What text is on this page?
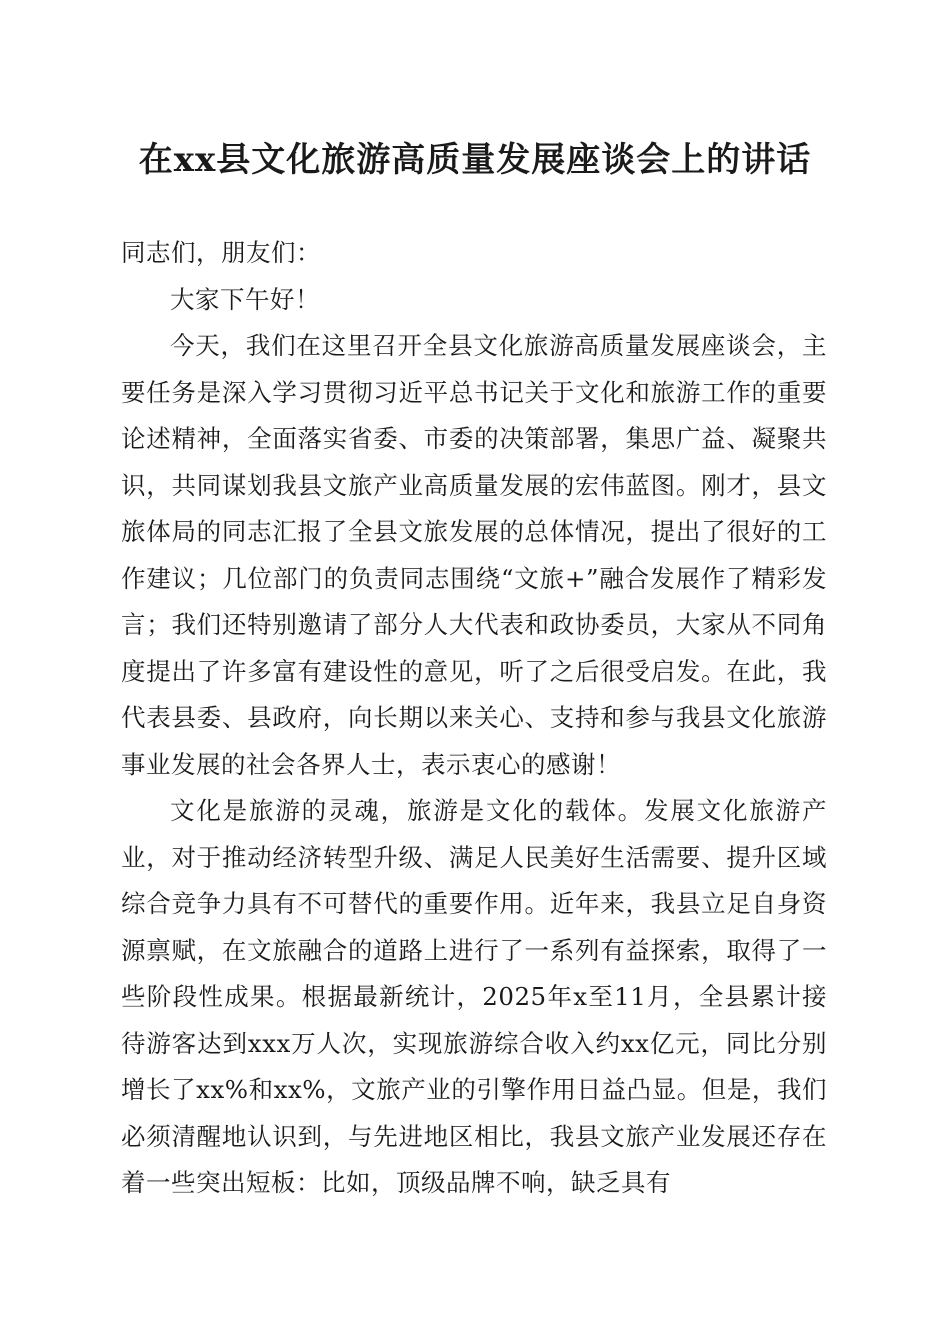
在xx县文化旅游高质量发展座谈会上的讲话

同志们，朋友们：

大家下午好！

今天，我们在这里召开全县文化旅游高质量发展座谈会，主要任务是深入学习贯彻习近平总书记关于文化和旅游工作的重要论述精神，全面落实省委、市委的决策部署，集思广益、凝聚共识，共同谋划我县文旅产业高质量发展的宏伟蓝图。刚才，县文旅体局的同志汇报了全县文旅发展的总体情况，提出了很好的工作建议；几位部门的负责同志围绕“文旅+”融合发展作了精彩发言；我们还特别邀请了部分人大代表和政协委员，大家从不同角度提出了许多富有建设性的意见，听了之后很受启发。在此，我代表县委、县政府，向长期以来关心、支持和参与我县文化旅游事业发展的社会各界人士，表示衷心的感谢！

文化是旅游的灵魂，旅游是文化的载体。发展文化旅游产业，对于推动经济转型升级、满足人民美好生活需要、提升区域综合竞争力具有不可替代的重要作用。近年来，我县立足自身资源禀赋，在文旅融合的道路上进行了一系列有益探索，取得了一些阶段性成果。根据最新统计，2025年x至11月，全县累计接待游客达到xxx万人次，实现旅游综合收入约xx亿元，同比分别增长了xx%和xx%，文旅产业的引擎作用日益凸显。但是，我们必须清醒地认识到，与先进地区相比，我县文旅产业发展还存在着一些突出短板：比如，顶级品牌不响，缺乏具有
